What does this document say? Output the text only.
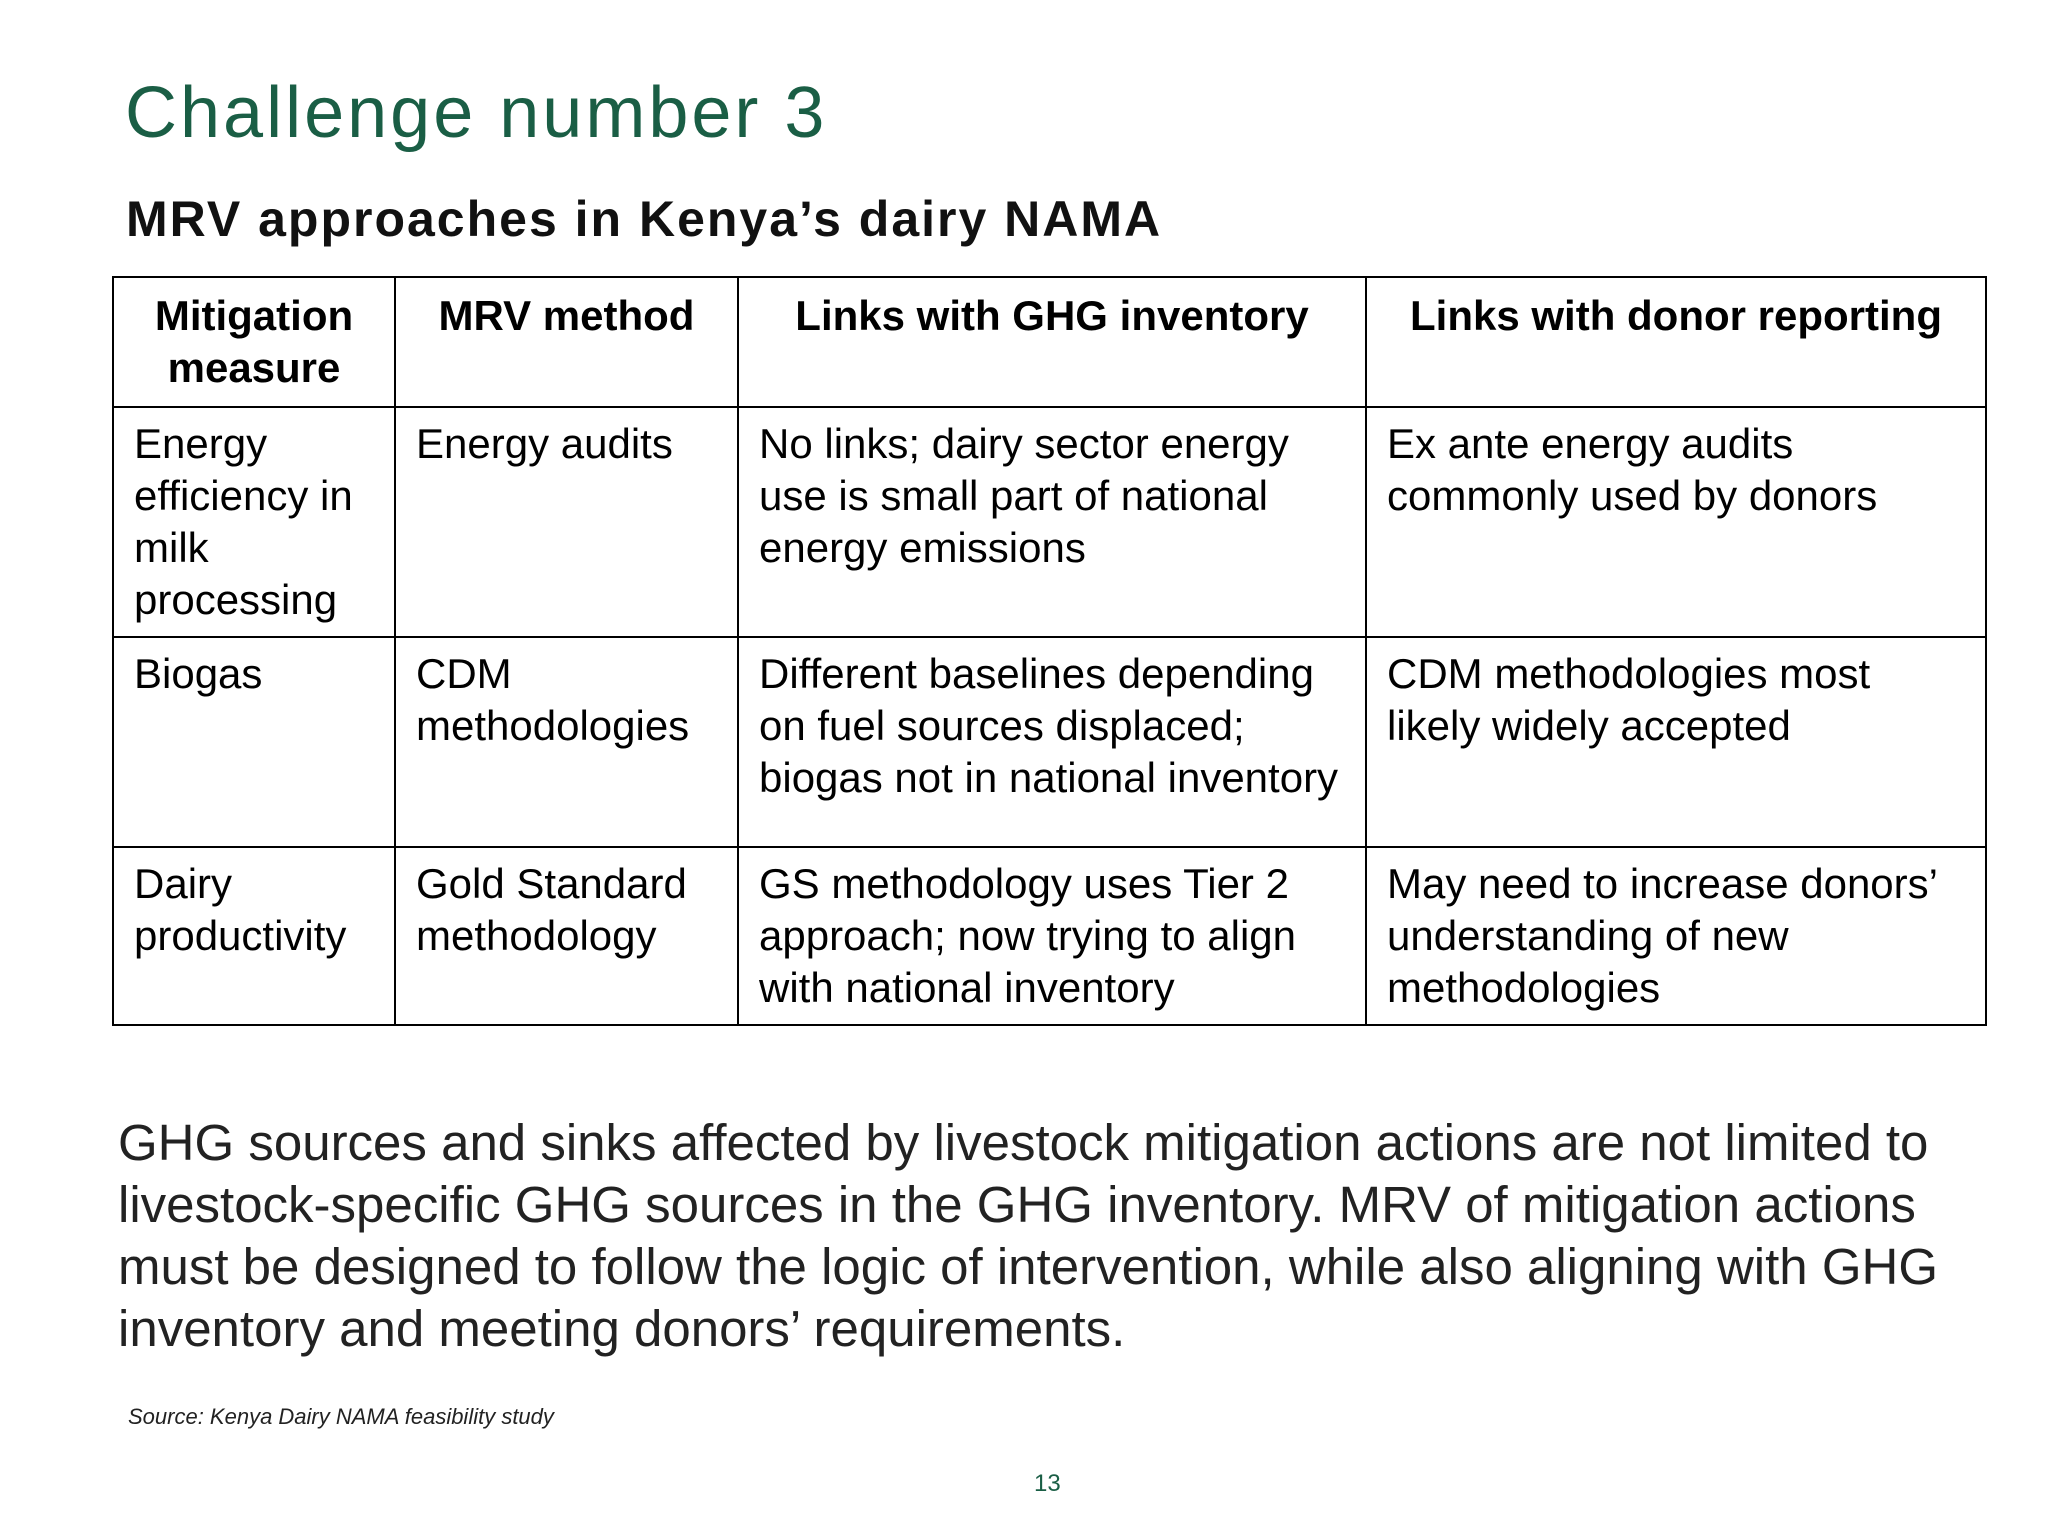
Challenge number 3
MRV approaches in Kenya’s dairy NAMA
Mitigation measure	MRV method	Links with GHG inventory	Links with donor reporting
Energy efficiency in milk processing	Energy audits	No links; dairy sector energy use is small part of national energy emissions	Ex ante energy audits commonly used by donors
Biogas	CDM methodologies	Different baselines depending on fuel sources displaced; biogas not in national inventory	CDM methodologies most likely widely accepted
Dairy productivity	Gold Standard methodology	GS methodology uses Tier 2 approach; now trying to align with national inventory	May need to increase donors’ understanding of new methodologies

GHG sources and sinks affected by livestock mitigation actions are not limited to livestock-specific GHG sources in the GHG inventory. MRV of mitigation actions must be designed to follow the logic of intervention, while also aligning with GHG inventory and meeting donors’ requirements.

Source: Kenya Dairy NAMA feasibility study
13
